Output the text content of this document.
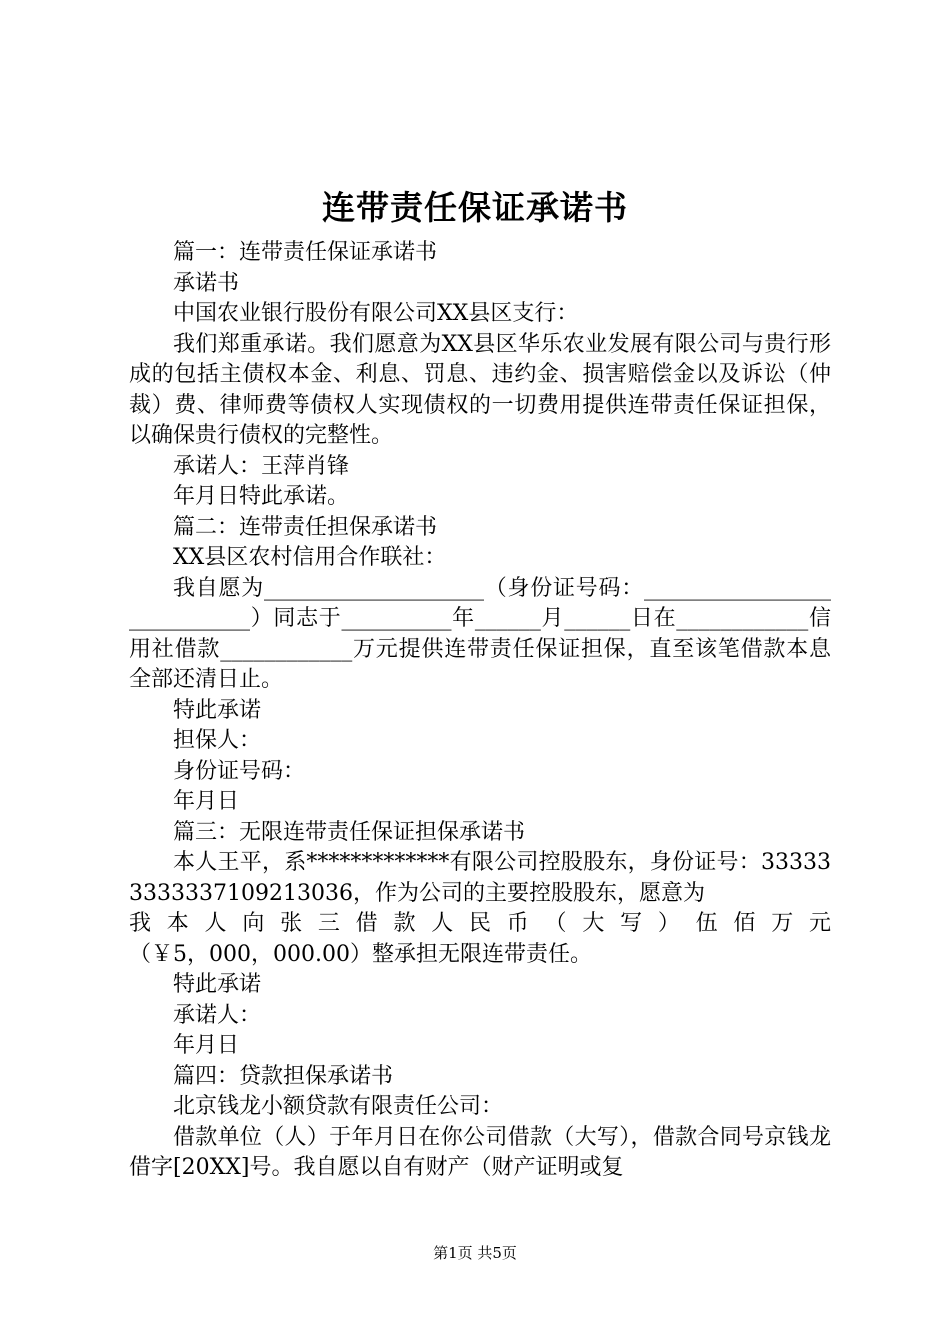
连带责任保证承诺书

篇一：连带责任保证承诺书

承诺书

中国农业银行股份有限公司XX县区支行：

我们郑重承诺。我们愿意为XX县区华乐农业发展有限公司与贵行形成的包括主债权本金、利息、罚息、违约金、损害赔偿金以及诉讼（仲裁）费、律师费等债权人实现债权的一切费用提供连带责任保证担保，以确保贵行债权的完整性。

承诺人：王萍肖锋

年月日特此承诺。

篇二：连带责任担保承诺书

XX县区农村信用合作联社：

我自愿为____________________（身份证号码：____________________________）同志于__________年______月______日在____________信用社借款____________万元提供连带责任保证担保，直至该笔借款本息全部还清日止。

特此承诺

担保人：

身份证号码：

年月日

篇三：无限连带责任保证担保承诺书

本人王平，系*************有限公司控股股东，身份证号：333333333337109213036，作为公司的主要控股股东，愿意为

我本人向张三借款人民币（大写）伍佰万元

（￥5，000，000.00）整承担无限连带责任。

特此承诺

承诺人：

年月日

篇四：贷款担保承诺书

北京钱龙小额贷款有限责任公司：

借款单位（人）于年月日在你公司借款（大写），借款合同号京钱龙借字[20XX]号。我自愿以自有财产（财产证明或复

第1页 共5页
